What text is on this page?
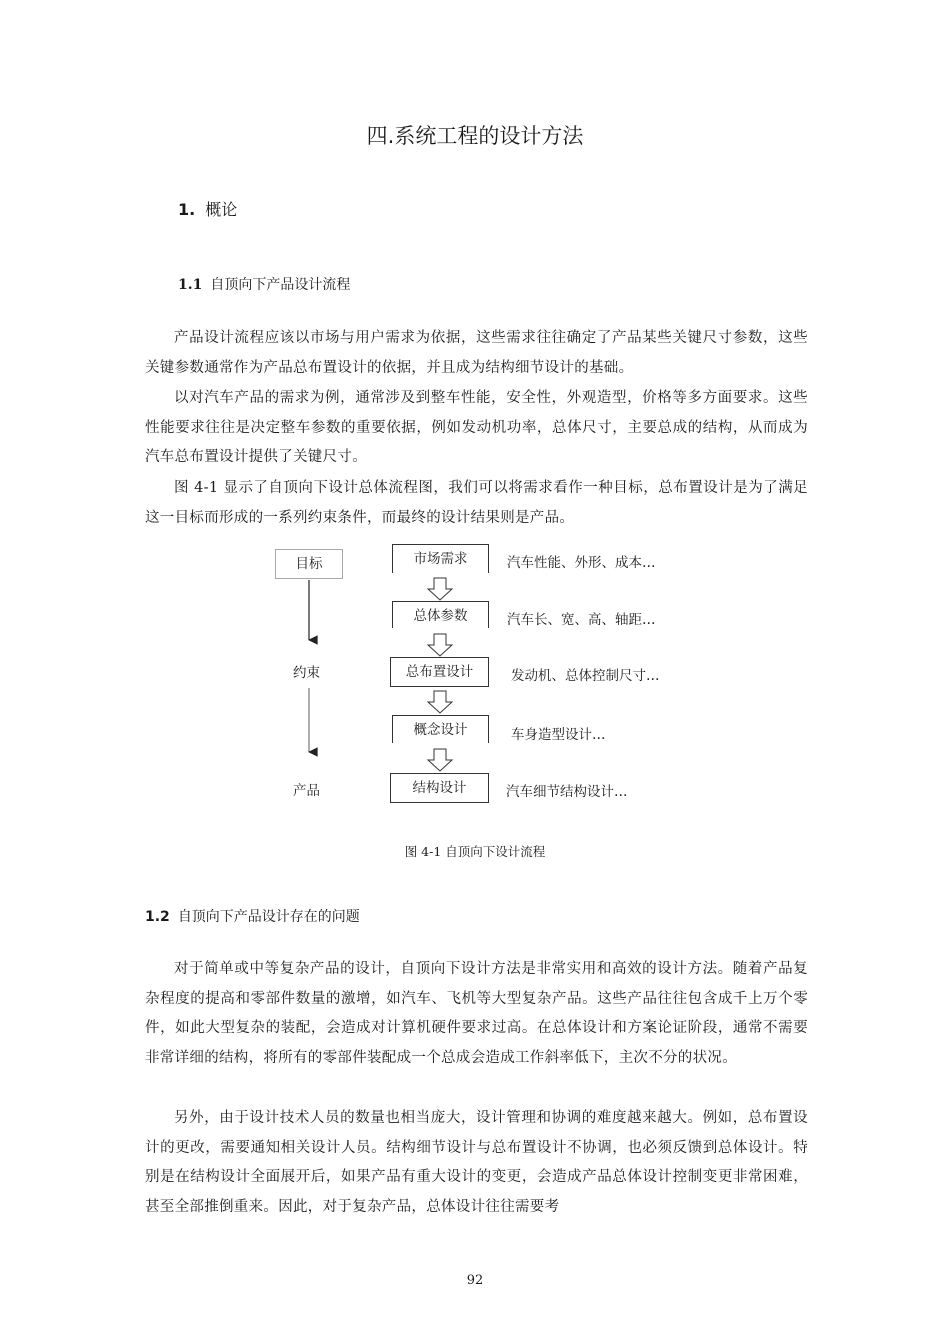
四.系统工程的设计方法
1. 概论
1.1 自顶向下产品设计流程

产品设计流程应该以市场与用户需求为依据，这些需求往往确定了产品某些关键尺寸参数，这些关键参数通常作为产品总布置设计的依据，并且成为结构细节设计的基础。

以对汽车产品的需求为例，通常涉及到整车性能，安全性，外观造型，价格等多方面要求。这些性能要求往往是决定整车参数的重要依据，例如发动机功率，总体尺寸，主要总成的结构，从而成为汽车总布置设计提供了关键尺寸。

图 4-1 显示了自顶向下设计总体流程图，我们可以将需求看作一种目标，总布置设计是为了满足这一目标而形成的一系列约束条件，而最终的设计结果则是产品。

目标
约束
产品
市场需求	汽车性能、外形、成本…
总体参数	汽车长、宽、高、轴距…
总布置设计	发动机、总体控制尺寸…
概念设计	车身造型设计…
结构设计	汽车细节结构设计…
图 4-1 自顶向下设计流程
1.2 自顶向下产品设计存在的问题

对于简单或中等复杂产品的设计，自顶向下设计方法是非常实用和高效的设计方法。随着产品复杂程度的提高和零部件数量的激增，如汽车、飞机等大型复杂产品。这些产品往往包含成千上万个零件，如此大型复杂的装配，会造成对计算机硬件要求过高。在总体设计和方案论证阶段，通常不需要非常详细的结构，将所有的零部件装配成一个总成会造成工作斜率低下，主次不分的状况。

另外，由于设计技术人员的数量也相当庞大，设计管理和协调的难度越来越大。例如，总布置设计的更改，需要通知相关设计人员。结构细节设计与总布置设计不协调，也必须反馈到总体设计。特别是在结构设计全面展开后，如果产品有重大设计的变更，会造成产品总体设计控制变更非常困难，甚至全部推倒重来。因此，对于复杂产品，总体设计往往需要考

92
